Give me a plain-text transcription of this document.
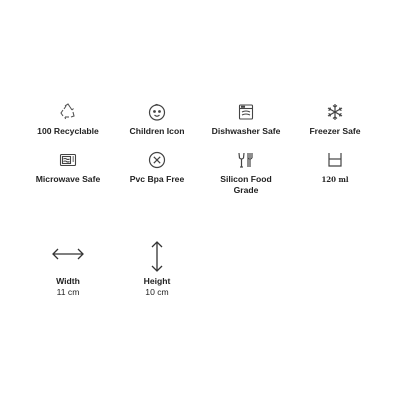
100 Recyclable	Children Icon	Dishwasher Safe	Freezer Safe
Microwave Safe	Pvc Bpa Free	Silicon Food Grade
120 ml
Width
11 cm
Height
10 cm
